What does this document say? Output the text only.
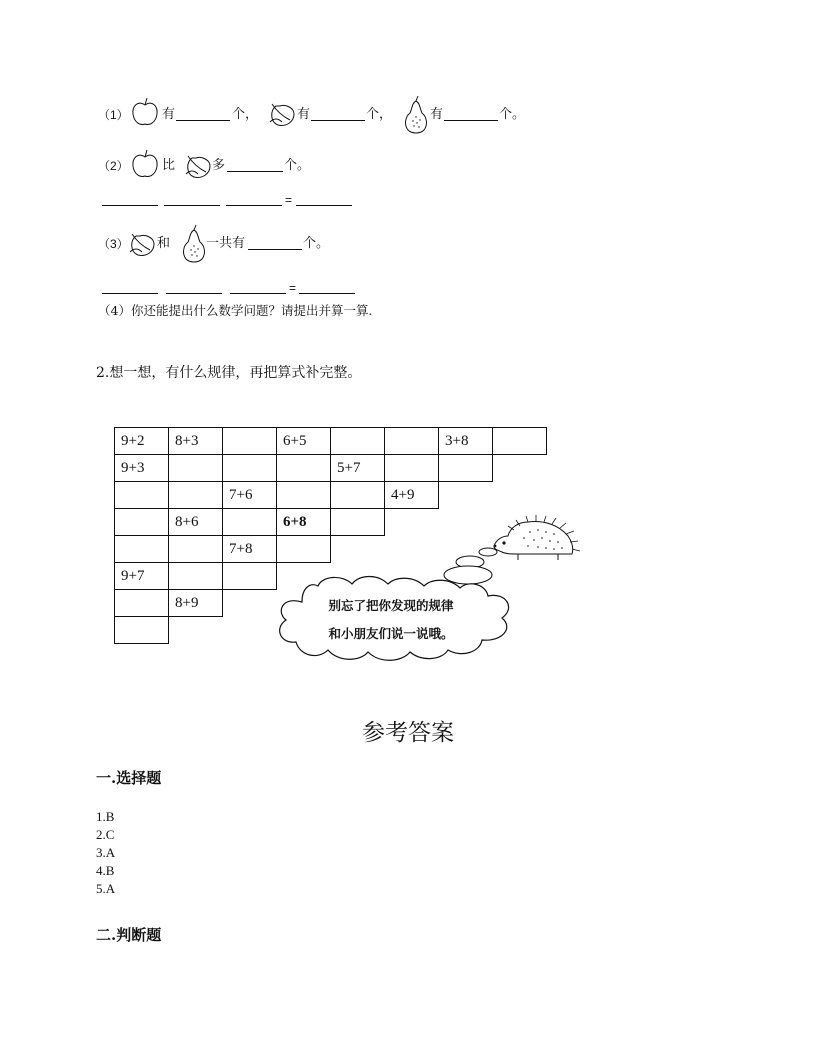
（1）	有	个，	有	个，	有	个。
（2）	比	多	个。
=
（3） 和	一共有	个。
=
（4）你还能提出什么数学问题？请提出并算一算.
2.想一想，有什么规律，再把算式补完整。
9+2	8+3		6+5			3+8	
9+3				5+7			
		7+6			4+9		
	8+6		6+8				
		7+8					
9+7							
	8+9						
								别忘了把你发现的规律
和小朋友们说一说哦。
参考答案
一.选择题
1.B
2.C
3.A
4.B
5.A
二.判断题
